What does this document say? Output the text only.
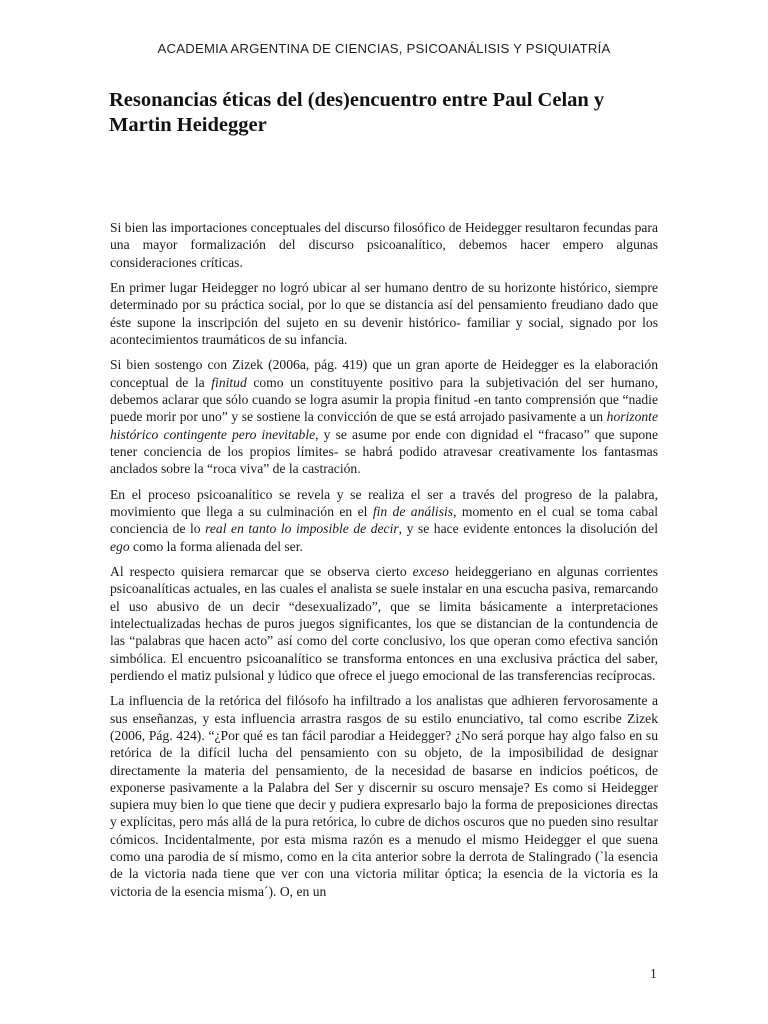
ACADEMIA ARGENTINA DE CIENCIAS, PSICOANÁLISIS Y PSIQUIATRÍA
Resonancias éticas del (des)encuentro entre Paul Celan y Martin Heidegger

Si bien las importaciones conceptuales del discurso filosófico de Heidegger resultaron fecundas para una mayor formalización del discurso psicoanalítico, debemos hacer empero algunas consideraciones críticas.

En primer lugar Heidegger no logró ubicar al ser humano dentro de su horizonte histórico, siempre determinado por su práctica social, por lo que se distancia así del pensamiento freudiano dado que éste supone la inscripción del sujeto en su devenir histórico- familiar y social, signado por los acontecimientos traumáticos de su infancia.

Si bien sostengo con Zizek (2006a, pág. 419) que un gran aporte de Heidegger es la elaboración conceptual de la finitud como un constituyente positivo para la subjetivación del ser humano, debemos aclarar que sólo cuando se logra asumir la propia finitud -en tanto comprensión que “nadie puede morir por uno” y se sostiene la convicción de que se está arrojado pasivamente a un horizonte histórico contingente pero inevitable, y se asume por ende con dignidad el “fracaso” que supone tener conciencia de los propios límites- se habrá podido atravesar creativamente los fantasmas anclados sobre la “roca viva” de la castración.

En el proceso psicoanalítico se revela y se realiza el ser a través del progreso de la palabra, movimiento que llega a su culminación en el fin de análisis, momento en el cual se toma cabal conciencia de lo real en tanto lo imposible de decir, y se hace evidente entonces la disolución del ego como la forma alienada del ser.

Al respecto quisiera remarcar que se observa cierto exceso heideggeriano en algunas corrientes psicoanalíticas actuales, en las cuales el analista se suele instalar en una escucha pasiva, remarcando el uso abusivo de un decir “desexualizado”, que se limita básicamente a interpretaciones intelectualizadas hechas de puros juegos significantes, los que se distancian de la contundencia de las “palabras que hacen acto” así como del corte conclusivo, los que operan como efectiva sanción simbólica. El encuentro psicoanalítico se transforma entonces en una exclusiva práctica del saber, perdiendo el matiz pulsional y lúdico que ofrece el juego emocional de las transferencias recíprocas.

La influencia de la retórica del filósofo ha infiltrado a los analistas que adhieren fervorosamente a sus enseñanzas, y esta influencia arrastra rasgos de su estilo enunciativo, tal como escribe Zizek (2006, Pág. 424). “¿Por qué es tan fácil parodiar a Heidegger? ¿No será porque hay algo falso en su retórica de la difícil lucha del pensamiento con su objeto, de la imposibilidad de designar directamente la materia del pensamiento, de la necesidad de basarse en indicios poéticos, de exponerse pasivamente a la Palabra del Ser y discernir su oscuro mensaje? Es como si Heidegger supiera muy bien lo que tiene que decir y pudiera expresarlo bajo la forma de preposiciones directas y explícitas, pero más allá de la pura retórica, lo cubre de dichos oscuros que no pueden sino resultar cómicos. Incidentalmente, por esta misma razón es a menudo el mismo Heidegger el que suena como una parodia de sí mismo, como en la cita anterior sobre la derrota de Stalingrado (`la esencia de la victoria nada tiene que ver con una victoria militar óptica; la esencia de la victoria es la victoria de la esencia misma´). O, en un

1
